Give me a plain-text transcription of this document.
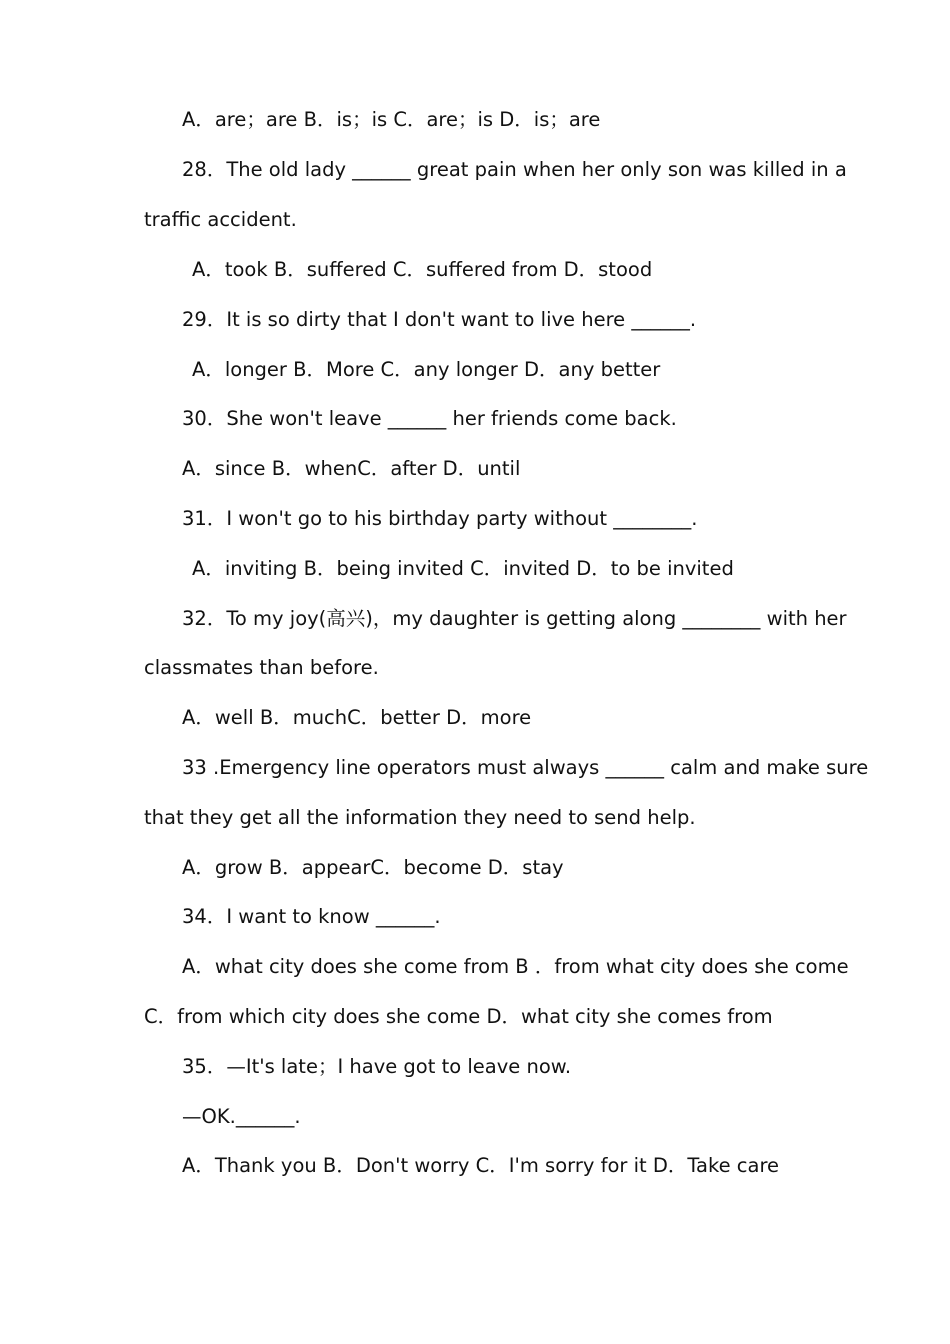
A．are；are B．is；is C．are；is D．is；are
28．The old lady ______ great pain when her only son was killed in a
traffic accident.
A．took B．suffered C．suffered from D．stood
29．It is so dirty that I don't want to live here ______.
A．longer B．More C．any longer D．any better
30．She won't leave ______ her friends come back.
A．since B．whenC．after D．until
31．I won't go to his birthday party without ________.
A．inviting B．being invited C．invited D．to be invited
32．To my joy(高兴)，my daughter is getting along ________ with her
classmates than before.
A．well B．muchC．better D．more
33 .Emergency line operators must always ______ calm and make sure
that they get all the information they need to send help.
A．grow B．appearC．become D．stay
34．I want to know ______.
A．what city does she come from B ．from what city does she come
C．from which city does she come D．what city she comes from
35．—It's late；I have got to leave now.
—OK.______.
A．Thank you B．Don't worry C．I'm sorry for it D．Take care
